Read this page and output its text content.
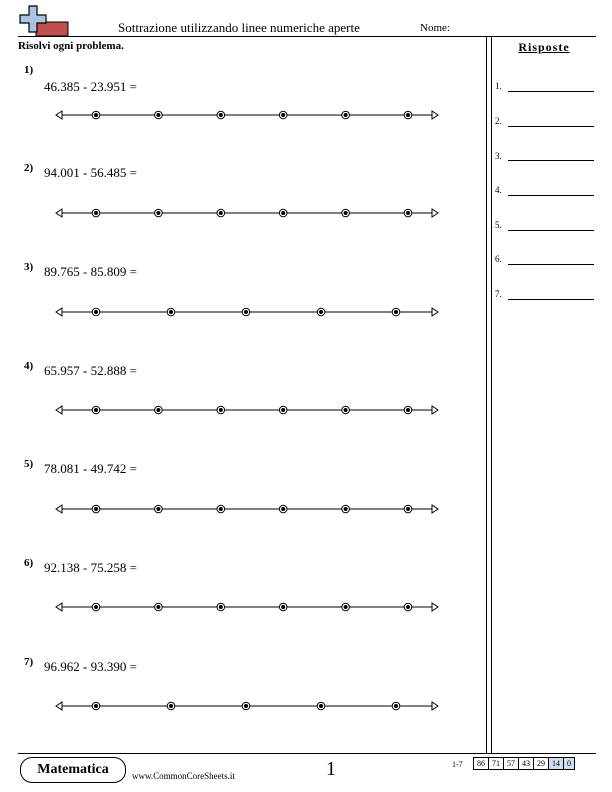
Sottrazione utilizzando linee numeriche aperte	Nome:
Risolvi ogni problema.	Risposte
1.
2.
3.
4.
5.
6.
7.
1)
46.385 - 23.951 =
2) 94.001 - 56.485 =
3) 89.765 - 85.809 =
4) 65.957 - 52.888 =
5) 78.081 - 49.742 =
6) 92.138 - 75.258 =
7) 96.962 - 93.390 =
Matematica	www.CommonCoreSheets.it	1	1-7	86 71 57 43 29 14 0
